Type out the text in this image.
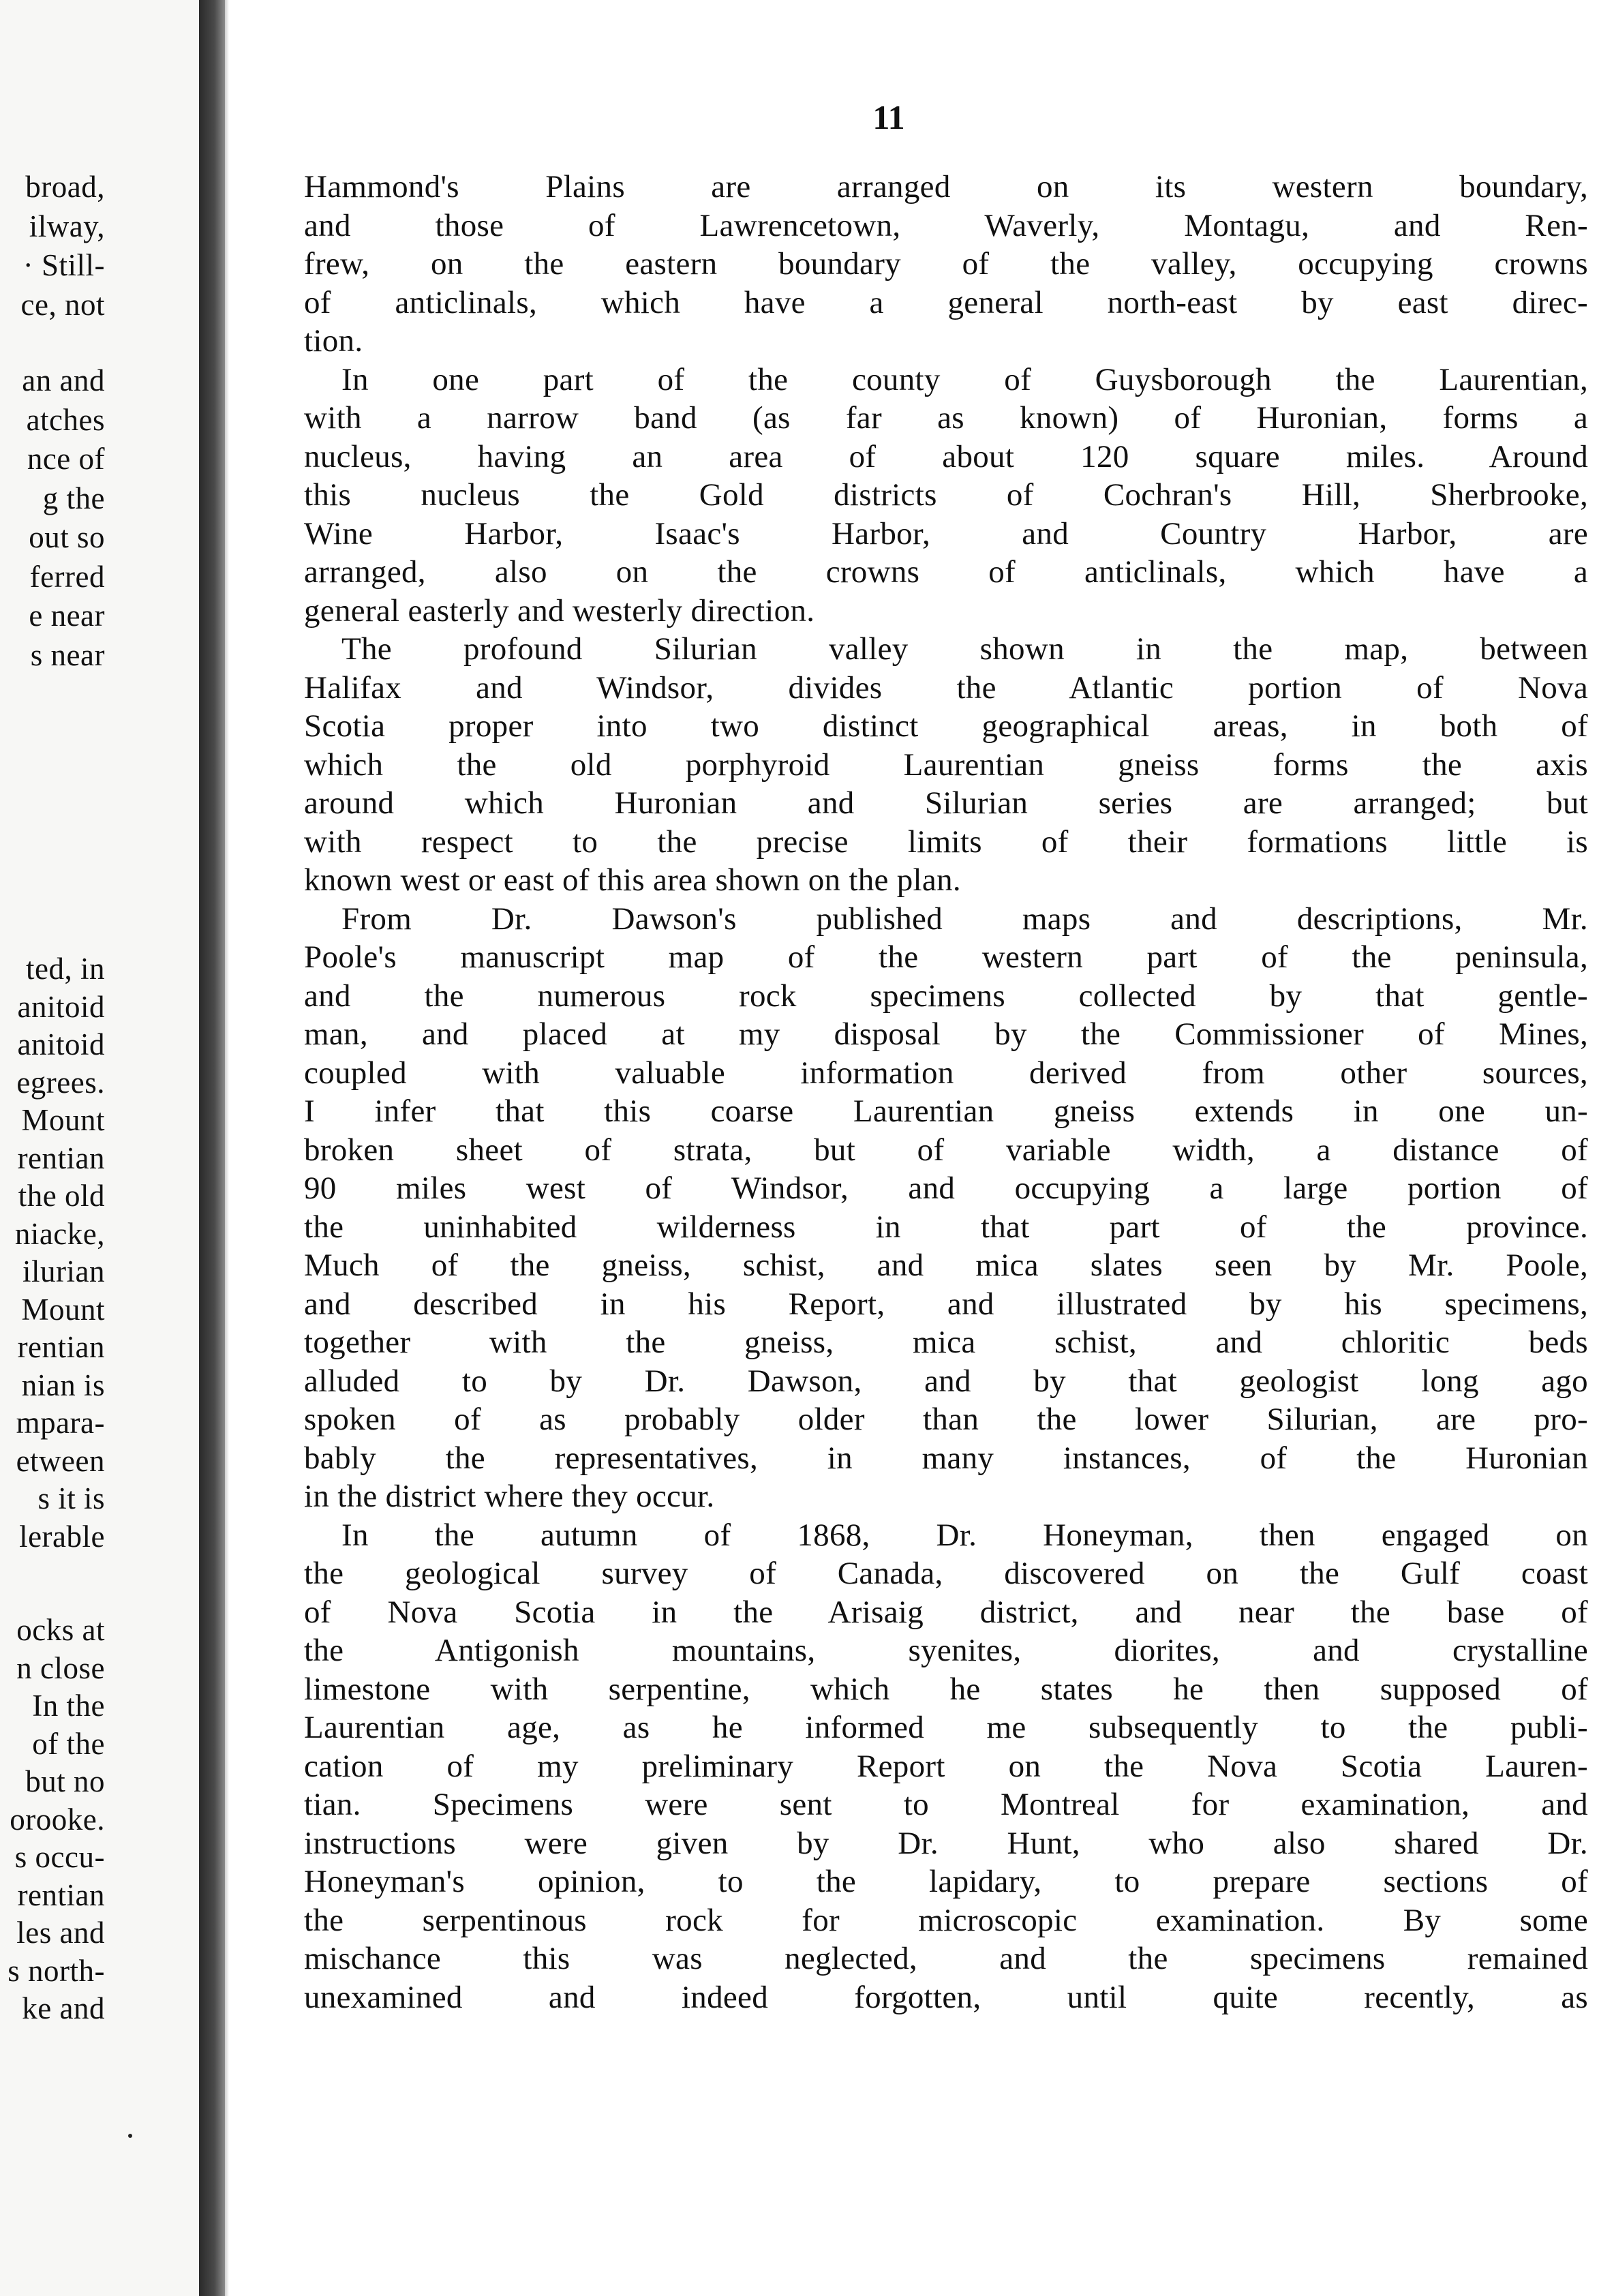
broad,
ilway,
· Still-
ce, not
an and
atches
nce of
g the
out so
ferred
e near
s near
ted, in
anitoid
anitoid
egrees.
Mount
rentian
the old
niacke,
ilurian
Mount
rentian
nian is
mpara-
etween
s it is
lerable
ocks at
n close
In the
of the
but no
orooke.
s occu-
rentian
les and
s north-
ke and
11
Hammond's Plains are arranged on its western boundary,
and those of Lawrencetown, Waverly, Montagu, and Ren-
frew, on the eastern boundary of the valley, occupying crowns
of anticlinals, which have a general north-east by east direc-
tion.
In one part of the county of Guysborough the Laurentian,
with a narrow band (as far as known) of Huronian, forms a
nucleus, having an area of about 120 square miles. Around
this nucleus the Gold districts of Cochran's Hill, Sherbrooke,
Wine Harbor, Isaac's Harbor, and Country Harbor, are
arranged, also on the crowns of anticlinals, which have a
general easterly and westerly direction.
The profound Silurian valley shown in the map, between
Halifax and Windsor, divides the Atlantic portion of Nova
Scotia proper into two distinct geographical areas, in both of
which the old porphyroid Laurentian gneiss forms the axis
around which Huronian and Silurian series are arranged; but
with respect to the precise limits of their formations little is
known west or east of this area shown on the plan.
From Dr. Dawson's published maps and descriptions, Mr.
Poole's manuscript map of the western part of the peninsula,
and the numerous rock specimens collected by that gentle-
man, and placed at my disposal by the Commissioner of Mines,
coupled with valuable information derived from other sources,
I infer that this coarse Laurentian gneiss extends in one un-
broken sheet of strata, but of variable width, a distance of
90 miles west of Windsor, and occupying a large portion of
the uninhabited wilderness in that part of the province.
Much of the gneiss, schist, and mica slates seen by Mr. Poole,
and described in his Report, and illustrated by his specimens,
together with the gneiss, mica schist, and chloritic beds
alluded to by Dr. Dawson, and by that geologist long ago
spoken of as probably older than the lower Silurian, are pro-
bably the representatives, in many instances, of the Huronian
in the district where they occur.
In the autumn of 1868, Dr. Honeyman, then engaged on
the geological survey of Canada, discovered on the Gulf coast
of Nova Scotia in the Arisaig district, and near the base of
the Antigonish mountains, syenites, diorites, and crystalline
limestone with serpentine, which he states he then supposed of
Laurentian age, as he informed me subsequently to the publi-
cation of my preliminary Report on the Nova Scotia Lauren-
tian. Specimens were sent to Montreal for examination, and
instructions were given by Dr. Hunt, who also shared Dr.
Honeyman's opinion, to the lapidary, to prepare sections of
the serpentinous rock for microscopic examination. By some
mischance this was neglected, and the specimens remained
unexamined and indeed forgotten, until quite recently, as
